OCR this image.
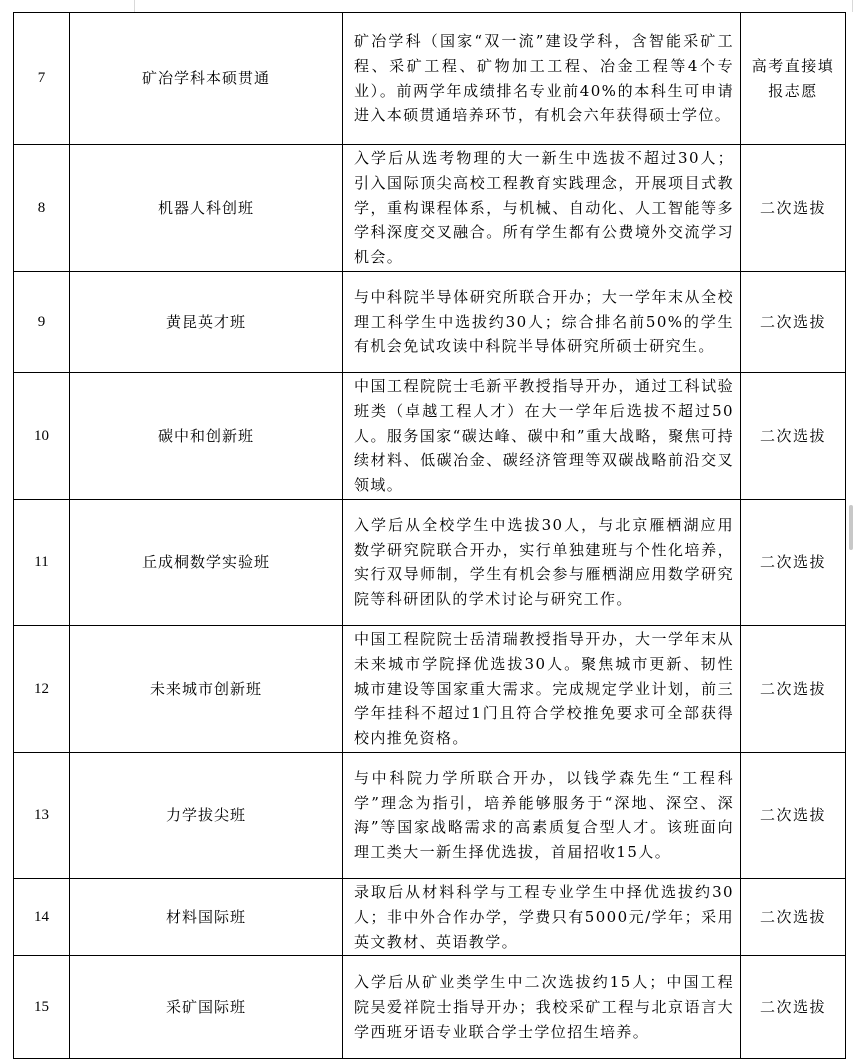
7	矿冶学科本硕贯通	矿冶学科（国家“双一流”建设学科，含智能采矿工程、采矿工程、矿物加工工程、冶金工程等4个专业）。前两学年成绩排名专业前40%的本科生可申请进入本硕贯通培养环节，有机会六年获得硕士学位。	高考直接填报志愿
8	机器人科创班	入学后从选考物理的大一新生中选拔不超过30人；引入国际顶尖高校工程教育实践理念，开展项目式教学，重构课程体系，与机械、自动化、人工智能等多学科深度交叉融合。所有学生都有公费境外交流学习机会。	二次选拔
9	黄昆英才班	与中科院半导体研究所联合开办；大一学年末从全校理工科学生中选拔约30人；综合排名前50%的学生有机会免试攻读中科院半导体研究所硕士研究生。	二次选拔
10	碳中和创新班	中国工程院院士毛新平教授指导开办，通过工科试验班类（卓越工程人才）在大一学年后选拔不超过50人。服务国家“碳达峰、碳中和”重大战略，聚焦可持续材料、低碳冶金、碳经济管理等双碳战略前沿交叉领域。	二次选拔
11	丘成桐数学实验班	入学后从全校学生中选拔30人，与北京雁栖湖应用数学研究院联合开办，实行单独建班与个性化培养，实行双导师制，学生有机会参与雁栖湖应用数学研究院等科研团队的学术讨论与研究工作。	二次选拔
12	未来城市创新班	中国工程院院士岳清瑞教授指导开办，大一学年末从未来城市学院择优选拔30人。聚焦城市更新、韧性城市建设等国家重大需求。完成规定学业计划，前三学年挂科不超过1门且符合学校推免要求可全部获得校内推免资格。	二次选拔
13	力学拔尖班	与中科院力学所联合开办，以钱学森先生“工程科学”理念为指引，培养能够服务于“深地、深空、深海”等国家战略需求的高素质复合型人才。该班面向理工类大一新生择优选拔，首届招收15人。	二次选拔
14	材料国际班	录取后从材料科学与工程专业学生中择优选拔约30人；非中外合作办学，学费只有5000元/学年；采用英文教材、英语教学。	二次选拔
15	采矿国际班	入学后从矿业类学生中二次选拔约15人；中国工程院吴爱祥院士指导开办；我校采矿工程与北京语言大学西班牙语专业联合学士学位招生培养。	二次选拔
